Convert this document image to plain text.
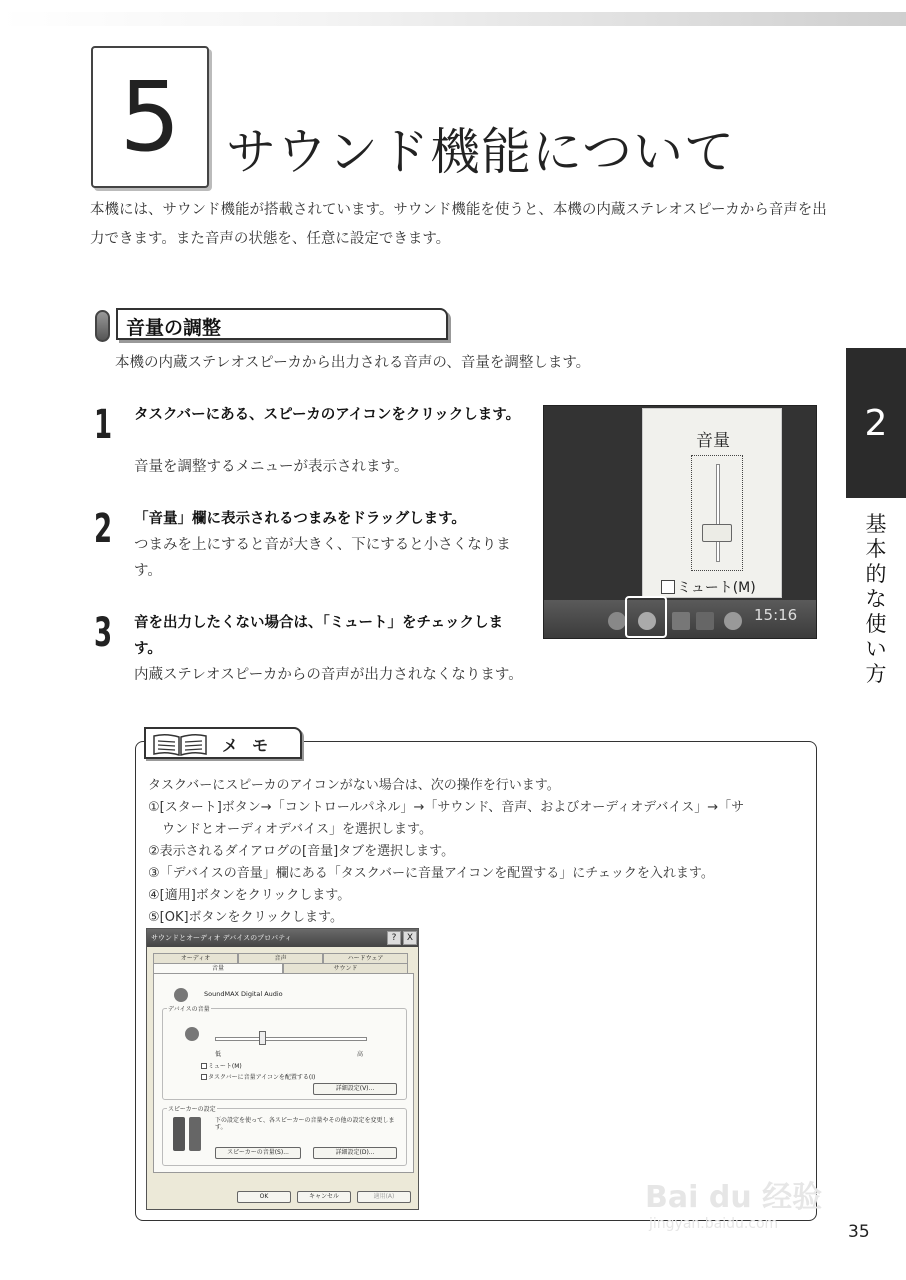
5 サウンド機能について
本機には、サウンド機能が搭載されています。サウンド機能を使うと、本機の内蔵ステレオスピーカから音声を出力できます。また音声の状態を、任意に設定できます。
音量の調整
本機の内蔵ステレオスピーカから出力される音声の、音量を調整します。
1 タスクバーにある、スピーカのアイコンをクリックします。
音量を調整するメニューが表示されます。
2 「音量」欄に表示されるつまみをドラッグします。
つまみを上にすると音が大きく、下にすると小さくなります。
3 音を出力したくない場合は、「ミュート」をチェックします。
内蔵ステレオスピーカからの音声が出力されなくなります。
音量
ミュート(M)
15:16
2
基
本
的
な
使
い
方
メモ
タスクバーにスピーカのアイコンがない場合は、次の操作を行います。
①[スタート]ボタン→「コントロールパネル」→「サウンド、音声、およびオーディオデバイス」→「サ
ウンドとオーディオデバイス」を選択します。
②表示されるダイアログの[音量]タブを選択します。
③「デバイスの音量」欄にある「タスクバーに音量アイコンを配置する」にチェックを入れます。
④[適用]ボタンをクリックします。
⑤[OK]ボタンをクリックします。
サウンドとオーディオ デバイスのプロパティ	?	X
オーディオ	音声	ハードウェア
音量	サウンド
SoundMAX Digital Audio
デバイスの音量
低	高
ミュート(M)
タスクバーに音量アイコンを配置する(I)
詳細設定(V)...
スピーカーの設定
下の設定を使って、各スピーカーの音量やその他の設定を変更します。
スピーカーの音量(S)...	詳細設定(D)...
OK	キャンセル	適用(A)	Bai du 经验
jingyan.baidu.com	35
